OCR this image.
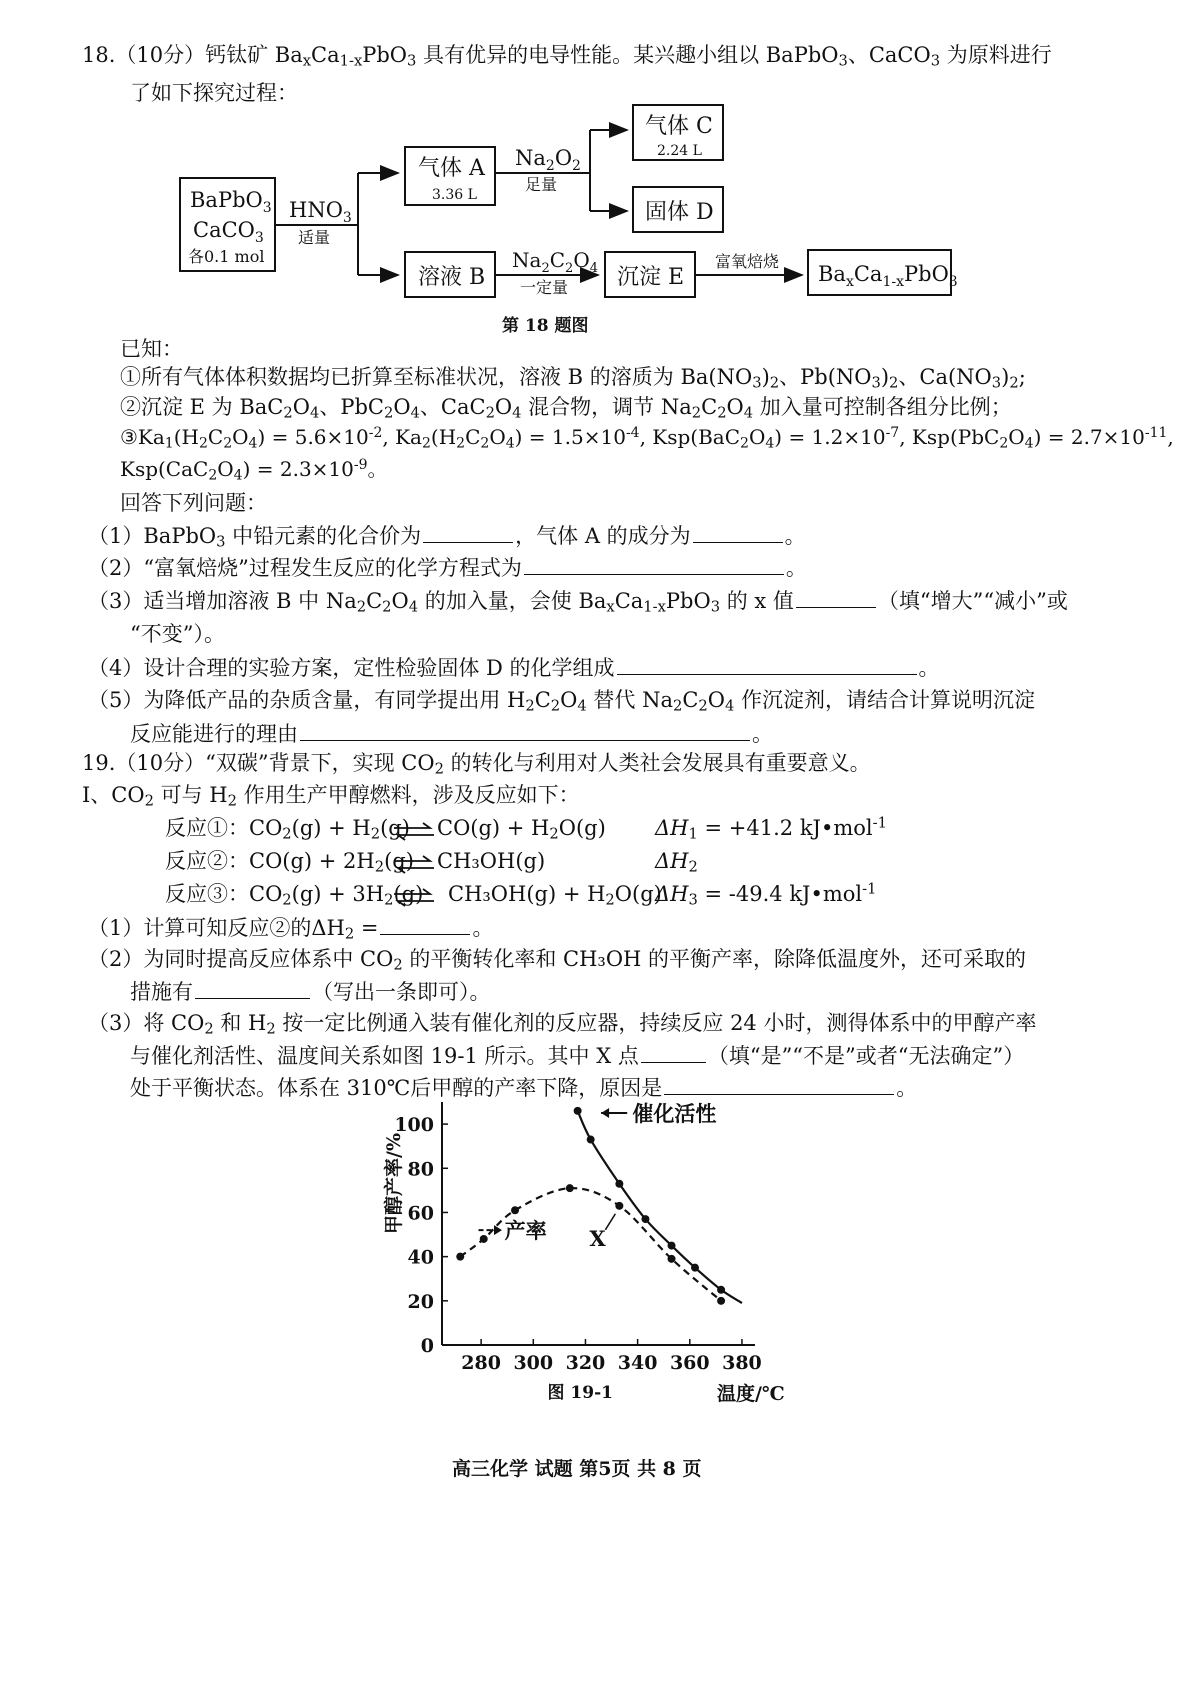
18.（10分）钙钛矿 $Ba_xCa_{1-x}PbO_3$ 具有优异的电导性能。某兴趣小组以 BaPbO$_3$、CaCO$_3$ 为原料进行
了如下探究过程：
BaPbO$_3$
CaCO$_3$
各0.1 mol
$HNO_3$
适量
气体 A
3.36 L
$Na_2O_2$
足量
气体 C
2.24 L
固体 D
溶液 B
$Na_2C_2O_4$
一定量 沉淀 E
富氧焙烧
$Ba_xCa_{1-x}PbO_3$
第 18 题图
已知：
①所有气体体积数据均已折算至标准状况，溶液 B 的溶质为 $Ba(NO_3)_2$、$Pb(NO_3)_2$、$Ca(NO_3)_2$;
②沉淀 E 为 $BaC_2O_4$、$PbC_2O_4$、$CaC_2O_4$ 混合物，调节 $Na_2C_2O_4$ 加入量可控制各组分比例；
$③Ka_1(H_2C_2O_4) = 5.6\times 10^{-2}$, $Ka_2(H_2C_2O_4) = 1.5\times 10^{-4}$, $Ksp(BaC_2O_4) = 1.2\times 10^{-7}$, $Ksp(PbC_2O_4) = 2.7\times 10^{-11}$,
$Ksp(CaC_2O_4) = 2.3\times 10^{-9}$。
回答下列问题：
（1）BaPbO$_3$ 中铅元素的化合价为	，气体 A 的成分为	。
（2）“富氧焙烧”过程发生反应的化学方程式为	。
（3）适当增加溶液 B 中 $Na_2C_2O_4$ 的加入量，会使 $Ba_xCa_{1-x}PbO_3$ 的 x 值	（填“增大”“减小”或
“不变”）。
（4）设计合理的实验方案，定性检验固体 D 的化学组成	。
（5）为降低产品的杂质含量，有同学提出用 $H_2C_2O_4$ 替代 $Na_2C_2O_4$ 作沉淀剂，请结合计算说明沉淀
反应能进行的理由	。
19.（10分）“双碳”背景下，实现 $CO_2$ 的转化与利用对人类社会发展具有重要意义。
I、$CO_2$ 可与 $H_2$ 作用生产甲醇燃料，涉及反应如下：
反应①：$CO_2(g) + H_2(g) CO(g) + H_2O(g) \Delta H_1 = +41.2$ kJ•mol$^{-1}$
反应②：$CO(g) + 2H_2(g)$ CH₃OH(g)	$\Delta H_2$
反应③：$CO_2(g) + 3H_2(g) CH_3OH(g) + H_2O(g)$
$\Delta H_3 = -49.4$ kJ•mol$^{-1}$
（1）计算可知反应②的$\Delta H_2$ =	。
（2）为同时提高反应体系中 $CO_2$ 的平衡转化率和 CH₃OH 的平衡产率，除降低温度外，还可采取的
措施有	（写出一条即可）。
（3）将 $CO_2$ 和 $H_2$ 按一定比例通入装有催化剂的反应器，持续反应 24 小时，测得体系中的甲醇产率
与催化剂活性、温度间关系如图 19-1 所示。其中 X 点	（填“是”“不是”或者“无法确定”）
处于平衡状态。体系在 310℃后甲醇的产率下降，原因是	。
0
20
40
60
80
100
280 300 320 340 360 380
甲醇产率/%
温度/℃
图 19-1
催化活性
产率 X
高三化学 试题 第5页 共 8 页
